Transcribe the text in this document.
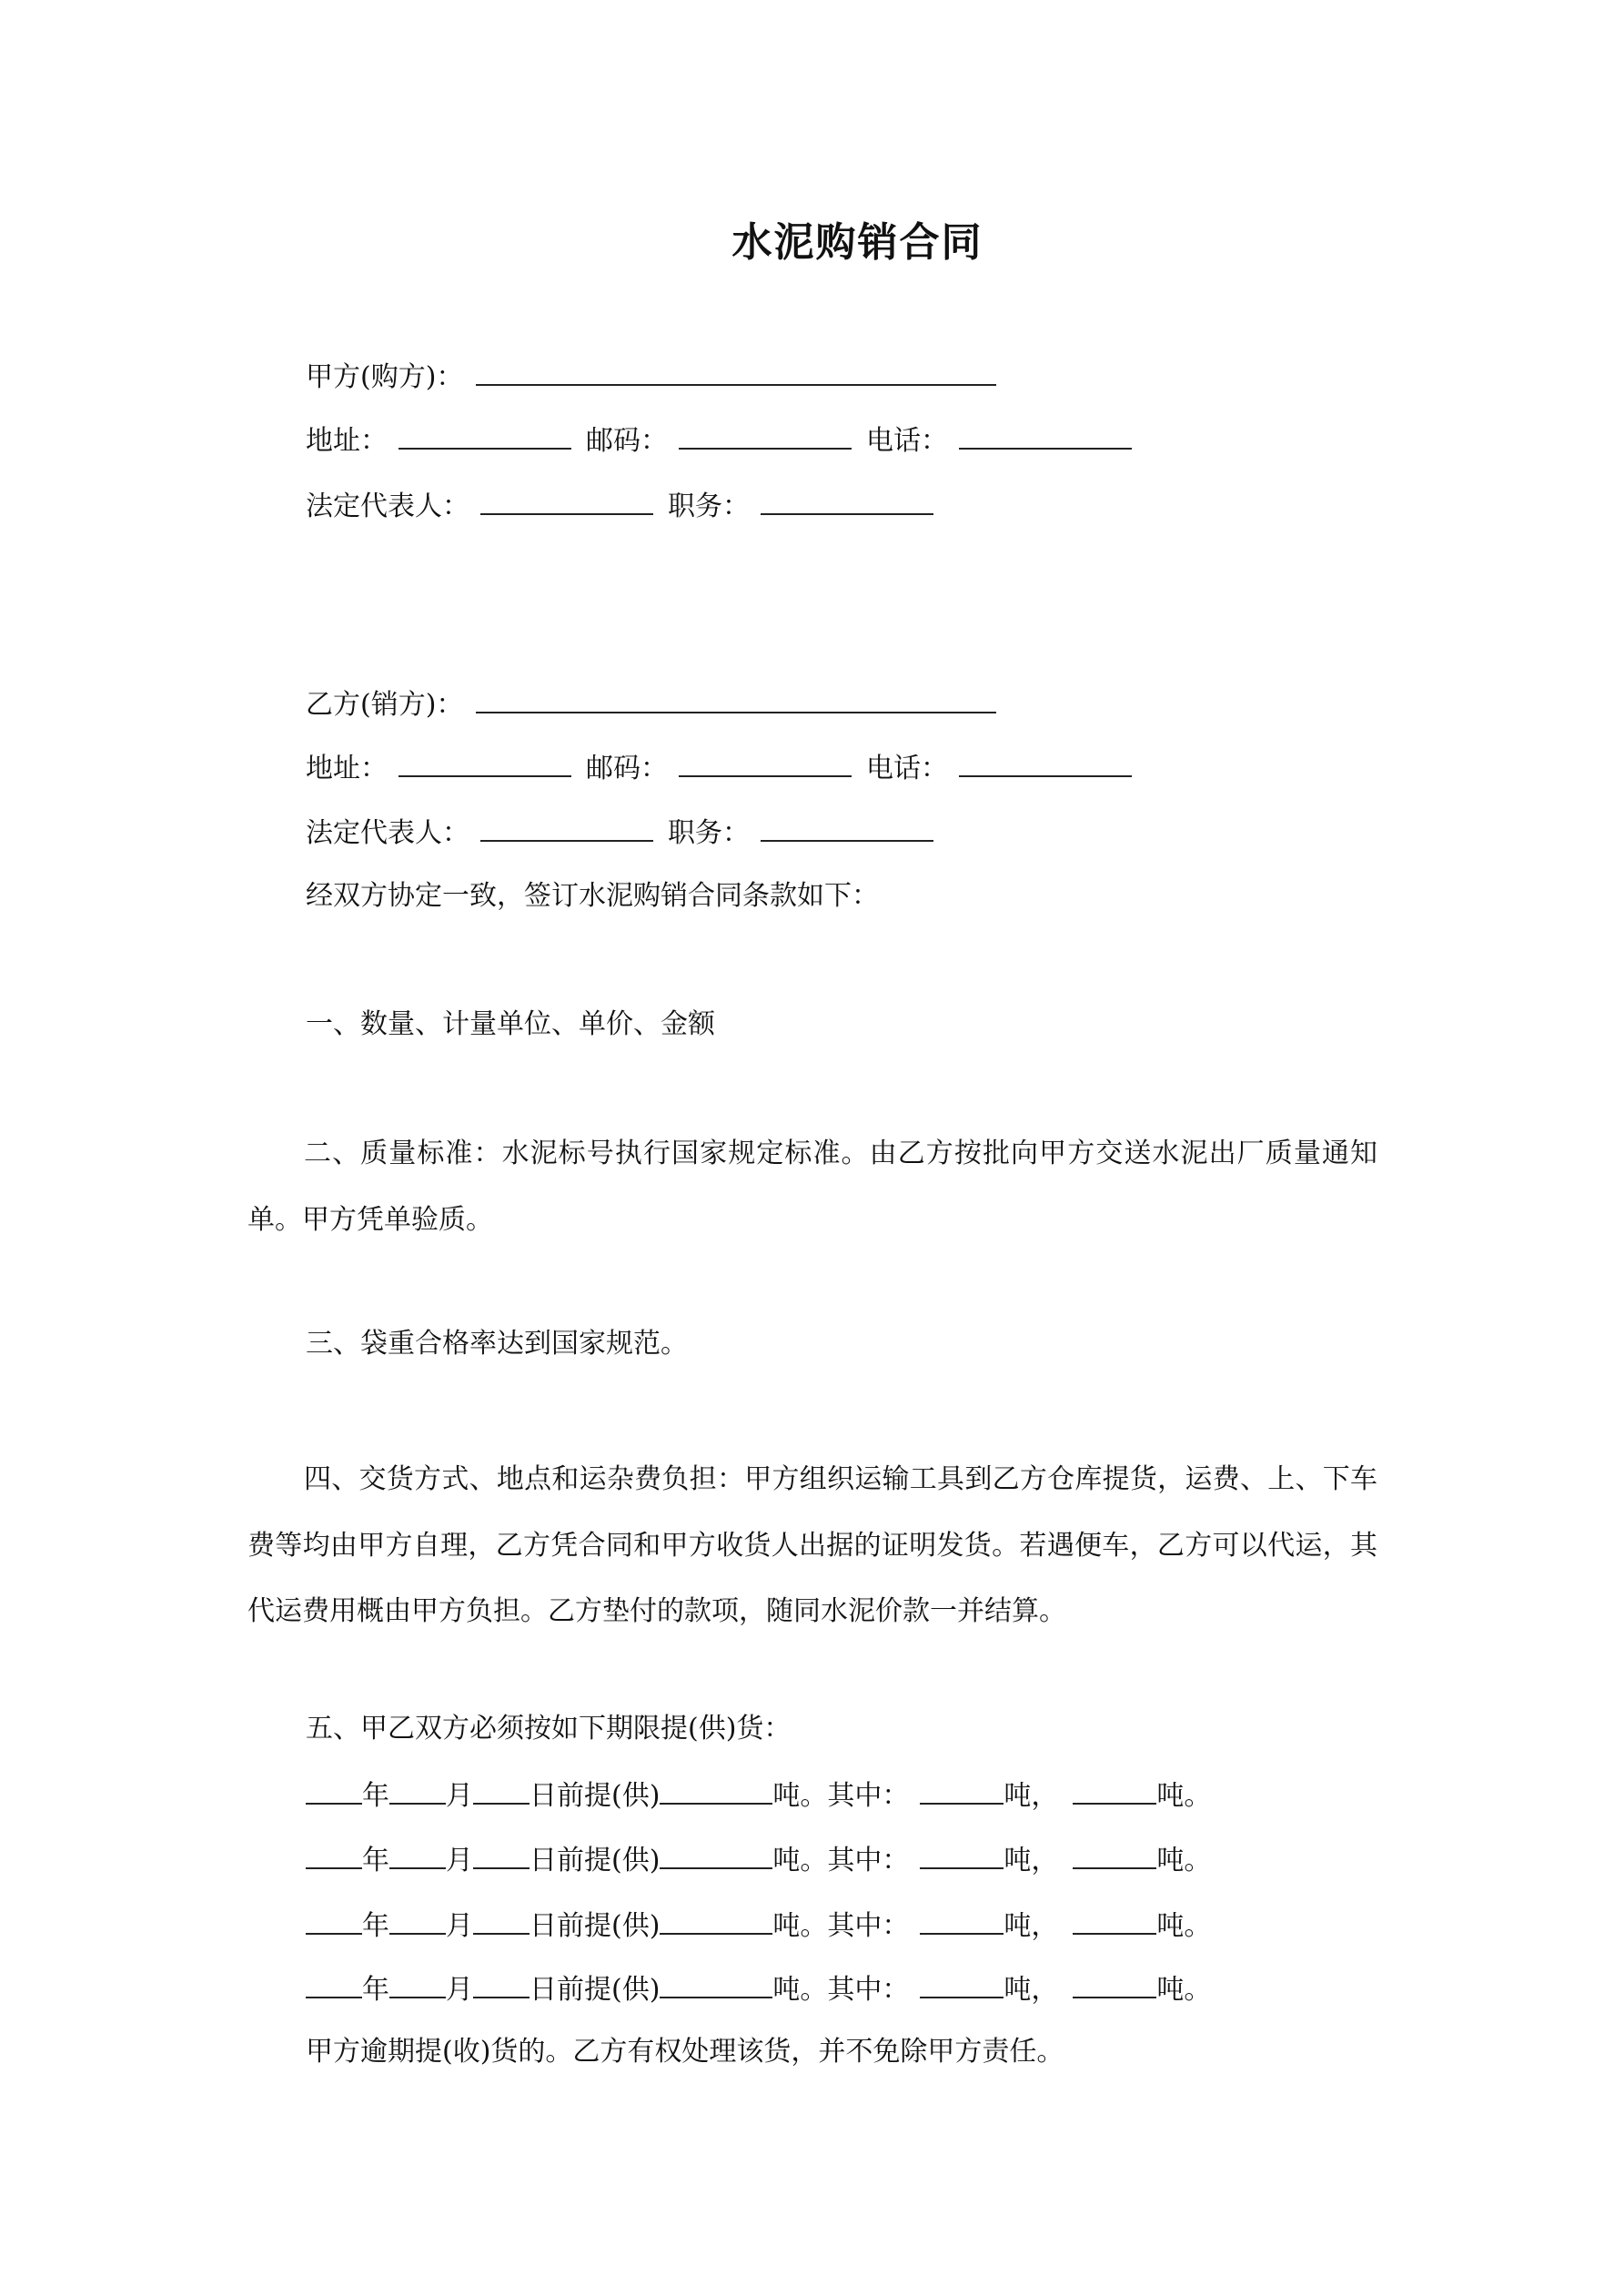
水泥购销合同
甲方(购方)：
地址：	邮码：	电话：
法定代表人：	职务：
乙方(销方)：
地址：	邮码：	电话：
法定代表人：	职务：
经双方协定一致，签订水泥购销合同条款如下：
一、数量、计量单位、单价、金额
二、质量标准：水泥标号执行国家规定标准。由乙方按批向甲方交送水泥出厂质量通知单。甲方凭单验质。
三、袋重合格率达到国家规范。
四、交货方式、地点和运杂费负担：甲方组织运输工具到乙方仓库提货，运费、上、下车费等均由甲方自理，乙方凭合同和甲方收货人出据的证明发货。若遇便车，乙方可以代运，其代运费用概由甲方负担。乙方垫付的款项，随同水泥价款一并结算。
五、甲乙双方必须按如下期限提(供)货：
年 月 日前提(供)	吨。其中：	吨，	吨。
年 月 日前提(供)	吨。其中：	吨，	吨。
年 月 日前提(供)	吨。其中：	吨，	吨。
年 月 日前提(供)	吨。其中：	吨，	吨。
甲方逾期提(收)货的。乙方有权处理该货，并不免除甲方责任。
